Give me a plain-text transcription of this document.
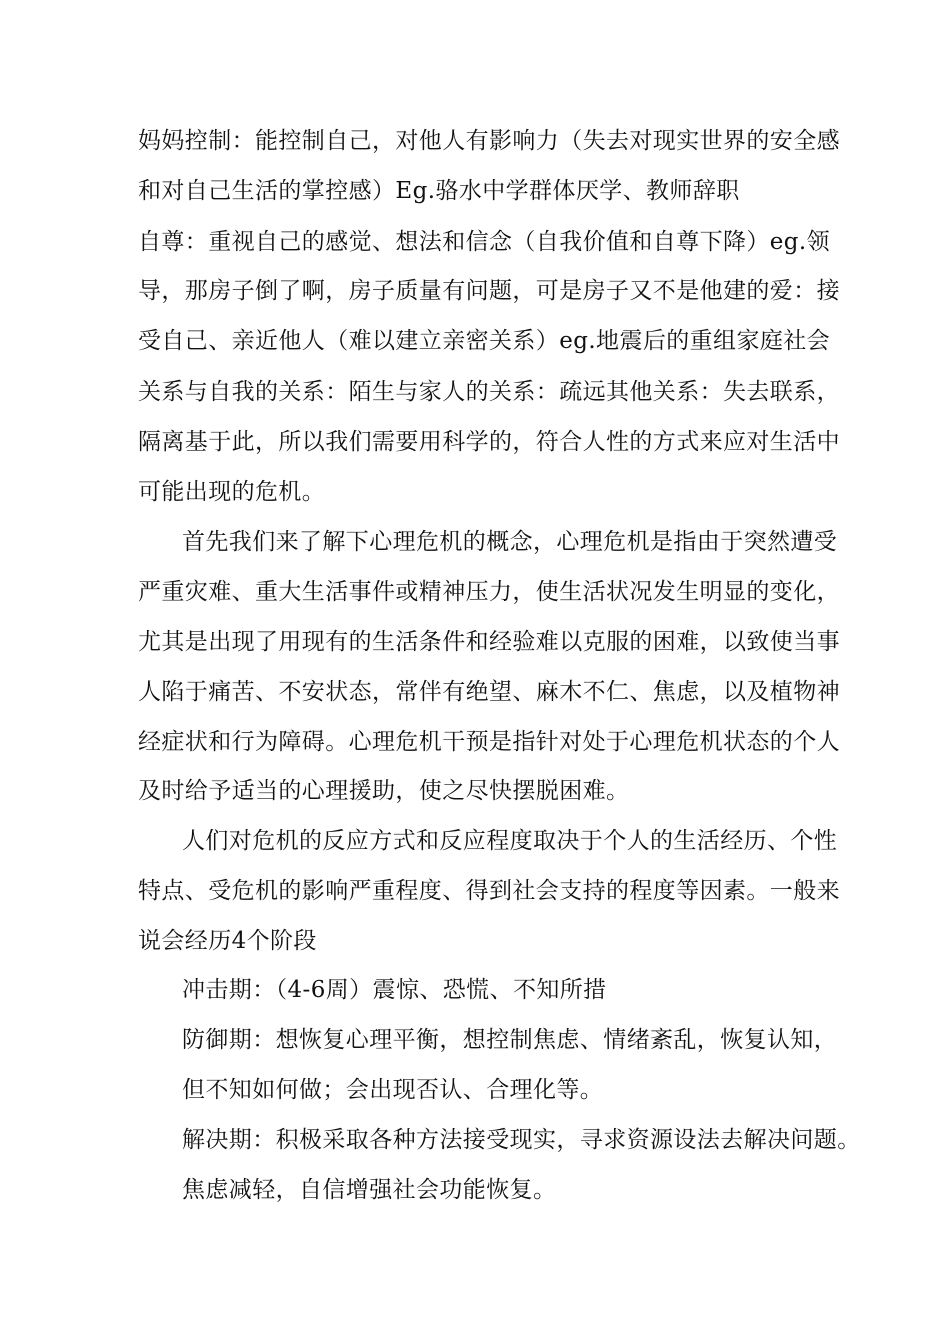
妈妈控制：能控制自己，对他人有影响力（失去对现实世界的安全感
和对自己生活的掌控感）Eg.骆水中学群体厌学、教师辞职
自尊：重视自己的感觉、想法和信念（自我价值和自尊下降）eg.领
导，那房子倒了啊，房子质量有问题，可是房子又不是他建的爱：接
受自己、亲近他人（难以建立亲密关系）eg.地震后的重组家庭社会
关系与自我的关系：陌生与家人的关系：疏远其他关系：失去联系，
隔离基于此，所以我们需要用科学的，符合人性的方式来应对生活中
可能出现的危机。
首先我们来了解下心理危机的概念，心理危机是指由于突然遭受
严重灾难、重大生活事件或精神压力，使生活状况发生明显的变化，
尤其是出现了用现有的生活条件和经验难以克服的困难，以致使当事
人陷于痛苦、不安状态，常伴有绝望、麻木不仁、焦虑，以及植物神
经症状和行为障碍。心理危机干预是指针对处于心理危机状态的个人
及时给予适当的心理援助，使之尽快摆脱困难。
人们对危机的反应方式和反应程度取决于个人的生活经历、个性
特点、受危机的影响严重程度、得到社会支持的程度等因素。一般来
说会经历4个阶段
冲击期：（4-6周）震惊、恐慌、不知所措
防御期：想恢复心理平衡，想控制焦虑、情绪紊乱，恢复认知，
但不知如何做；会出现否认、合理化等。
解决期：积极采取各种方法接受现实，寻求资源设法去解决问题。
焦虑减轻，自信增强社会功能恢复。
